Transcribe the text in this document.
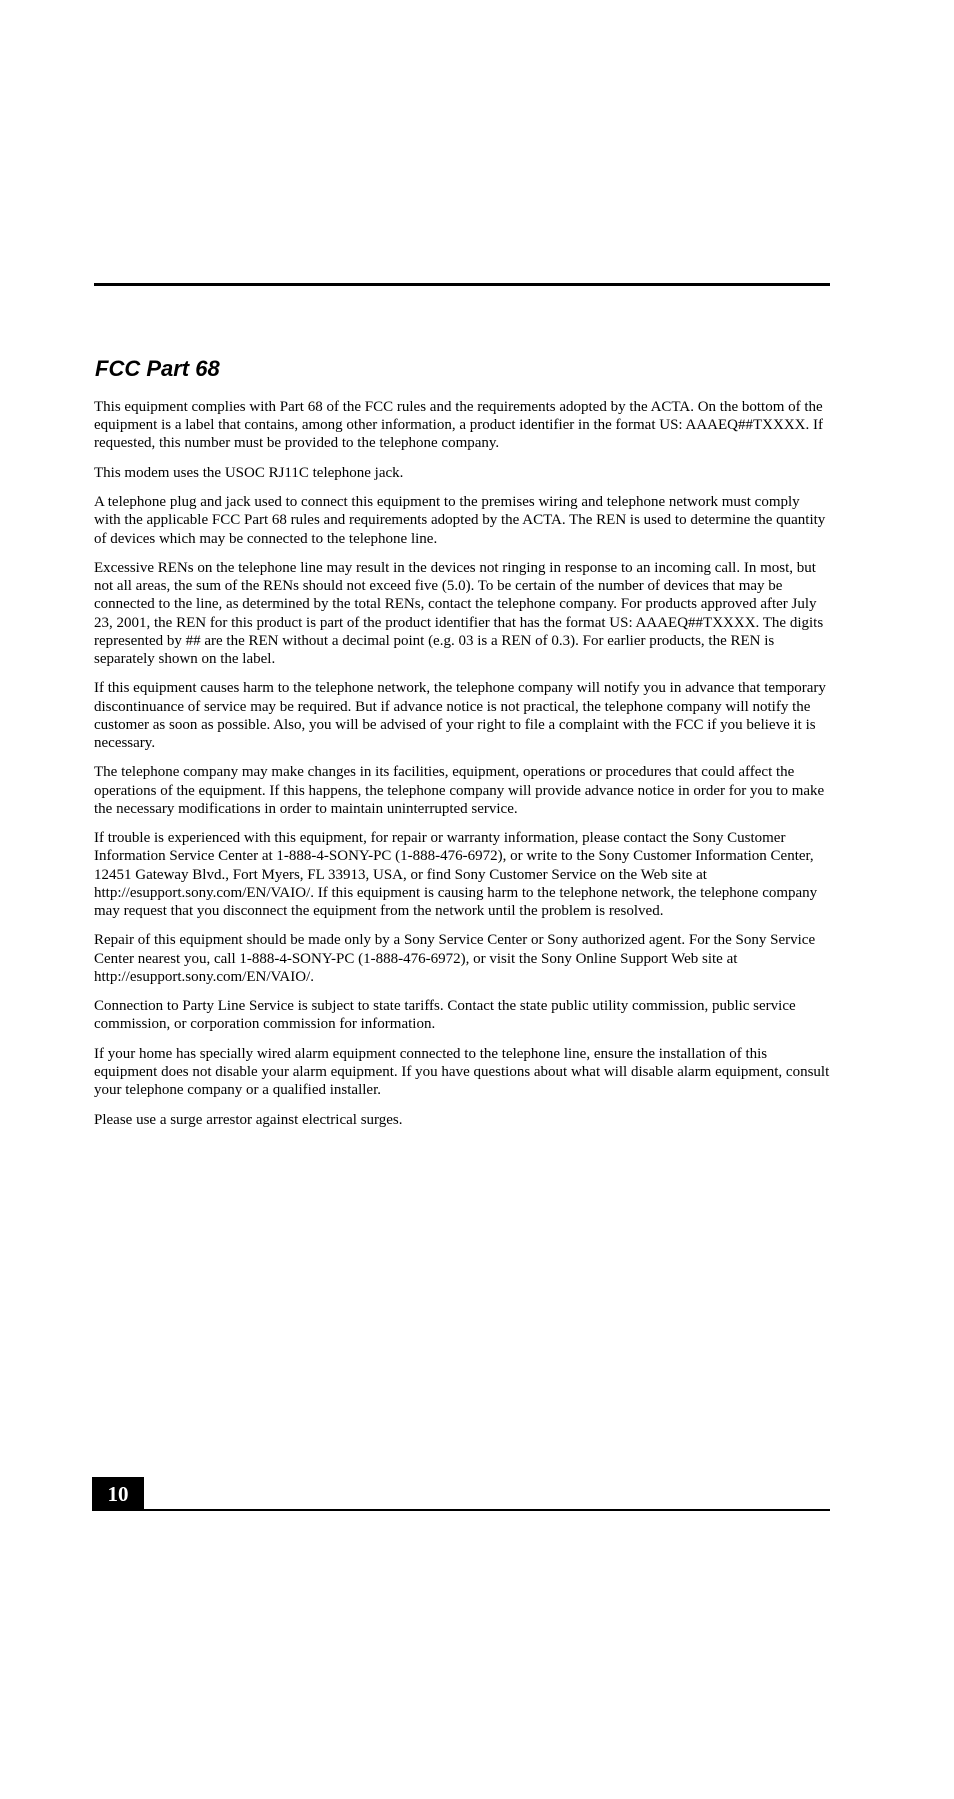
FCC Part 68

This equipment complies with Part 68 of the FCC rules and the requirements adopted by the ACTA. On the bottom of the equipment is a label that contains, among other information, a product identifier in the format US: AAAEQ##TXXXX. If requested, this number must be provided to the telephone company.

This modem uses the USOC RJ11C telephone jack.

A telephone plug and jack used to connect this equipment to the premises wiring and telephone network must comply with the applicable FCC Part 68 rules and requirements adopted by the ACTA. The REN is used to determine the quantity of devices which may be connected to the telephone line.

Excessive RENs on the telephone line may result in the devices not ringing in response to an incoming call. In most, but not all areas, the sum of the RENs should not exceed five (5.0). To be certain of the number of devices that may be connected to the line, as determined by the total RENs, contact the telephone company. For products approved after July 23, 2001, the REN for this product is part of the product identifier that has the format US: AAAEQ##TXXXX. The digits represented by ## are the REN without a decimal point (e.g. 03 is a REN of 0.3). For earlier products, the REN is separately shown on the label.

If this equipment causes harm to the telephone network, the telephone company will notify you in advance that temporary discontinuance of service may be required. But if advance notice is not practical, the telephone company will notify the customer as soon as possible. Also, you will be advised of your right to file a complaint with the FCC if you believe it is necessary.

The telephone company may make changes in its facilities, equipment, operations or procedures that could affect the operations of the equipment. If this happens, the telephone company will provide advance notice in order for you to make the necessary modifications in order to maintain uninterrupted service.

If trouble is experienced with this equipment, for repair or warranty information, please contact the Sony Customer Information Service Center at 1-888-4-SONY-PC (1-888-476-6972), or write to the Sony Customer Information Center, 12451 Gateway Blvd., Fort Myers, FL 33913, USA, or find Sony Customer Service on the Web site at http://esupport.sony.com/EN/VAIO/. If this equipment is causing harm to the telephone network, the telephone company may request that you disconnect the equipment from the network until the problem is resolved.

Repair of this equipment should be made only by a Sony Service Center or Sony authorized agent. For the Sony Service Center nearest you, call 1-888-4-SONY-PC (1-888-476-6972), or visit the Sony Online Support Web site at http://esupport.sony.com/EN/VAIO/.

Connection to Party Line Service is subject to state tariffs. Contact the state public utility commission, public service commission, or corporation commission for information.

If your home has specially wired alarm equipment connected to the telephone line, ensure the installation of this equipment does not disable your alarm equipment. If you have questions about what will disable alarm equipment, consult your telephone company or a qualified installer.

Please use a surge arrestor against electrical surges.

10
